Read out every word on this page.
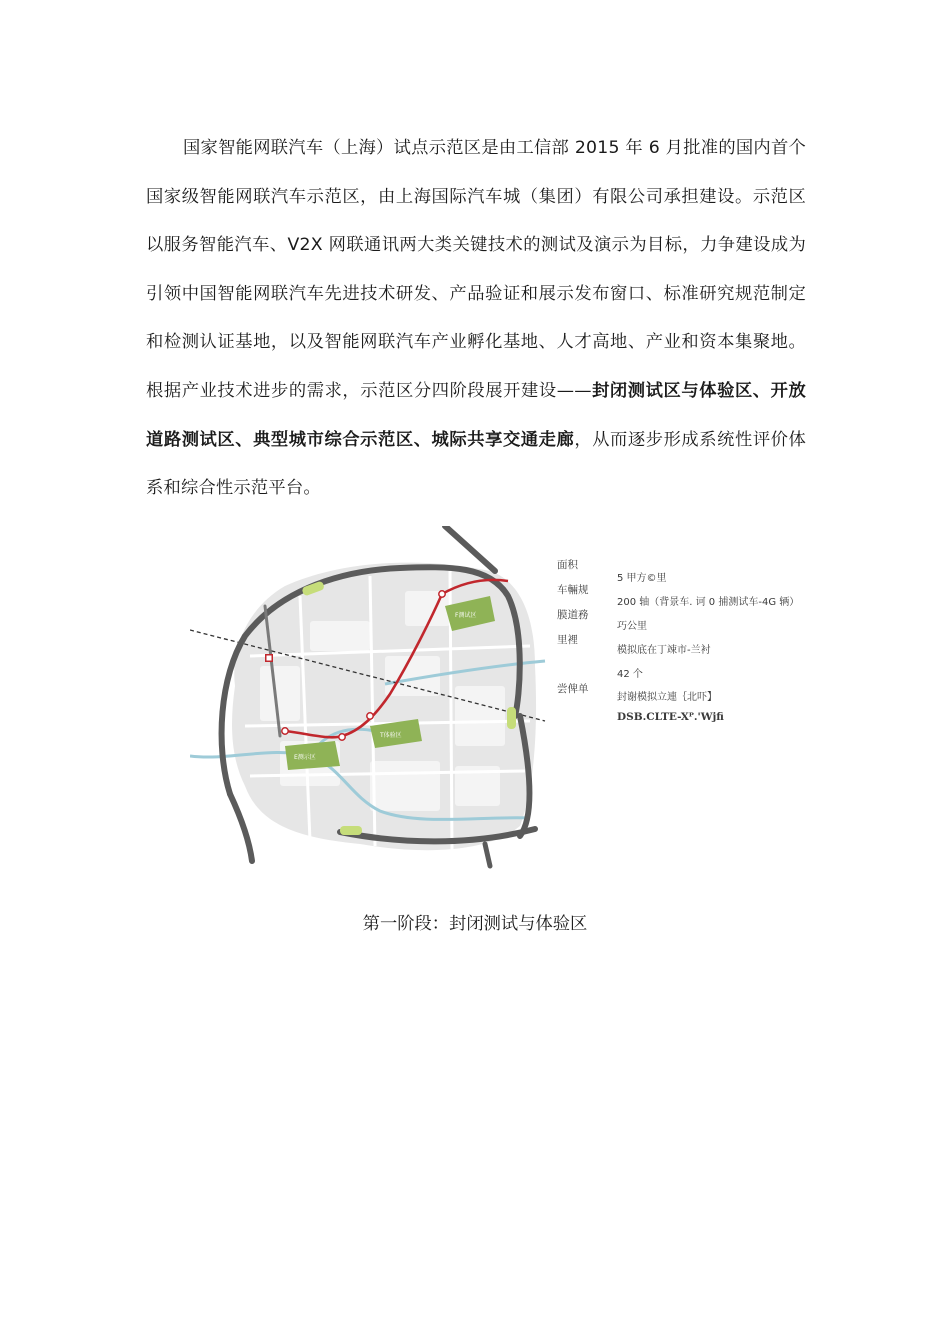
国家智能网联汽车（上海）试点示范区是由工信部 2015 年 6 月批准的国内首个国家级智能网联汽车示范区，由上海国际汽车城（集团）有限公司承担建设。示范区以服务智能汽车、V2X 网联通讯两大类关键技术的测试及演示为目标，力争建设成为引领中国智能网联汽车先进技术研发、产品验证和展示发布窗口、标准研究规范制定和检测认证基地，以及智能网联汽车产业孵化基地、人才高地、产业和资本集聚地。根据产业技术进步的需求，示范区分四阶段展开建设——封闭测试区与体验区、开放道路测试区、典型城市综合示范区、城际共享交通走廊，从而逐步形成系统性评价体系和综合性示范平台。

F测试区
T体验区
E测示区
面积
车輛规
膜道務
里裡
尝俾单
5 甲方©里
200 轴（背景车. 诃 0 捕测试车-4G 辆）
巧公里
模拟底在丁竦市-兰衬
42 个
封谢模拟立連｛北吓】
DSB.CLTE-Xᴾ.'Wjfi
第一阶段：封闭测试与体验区
